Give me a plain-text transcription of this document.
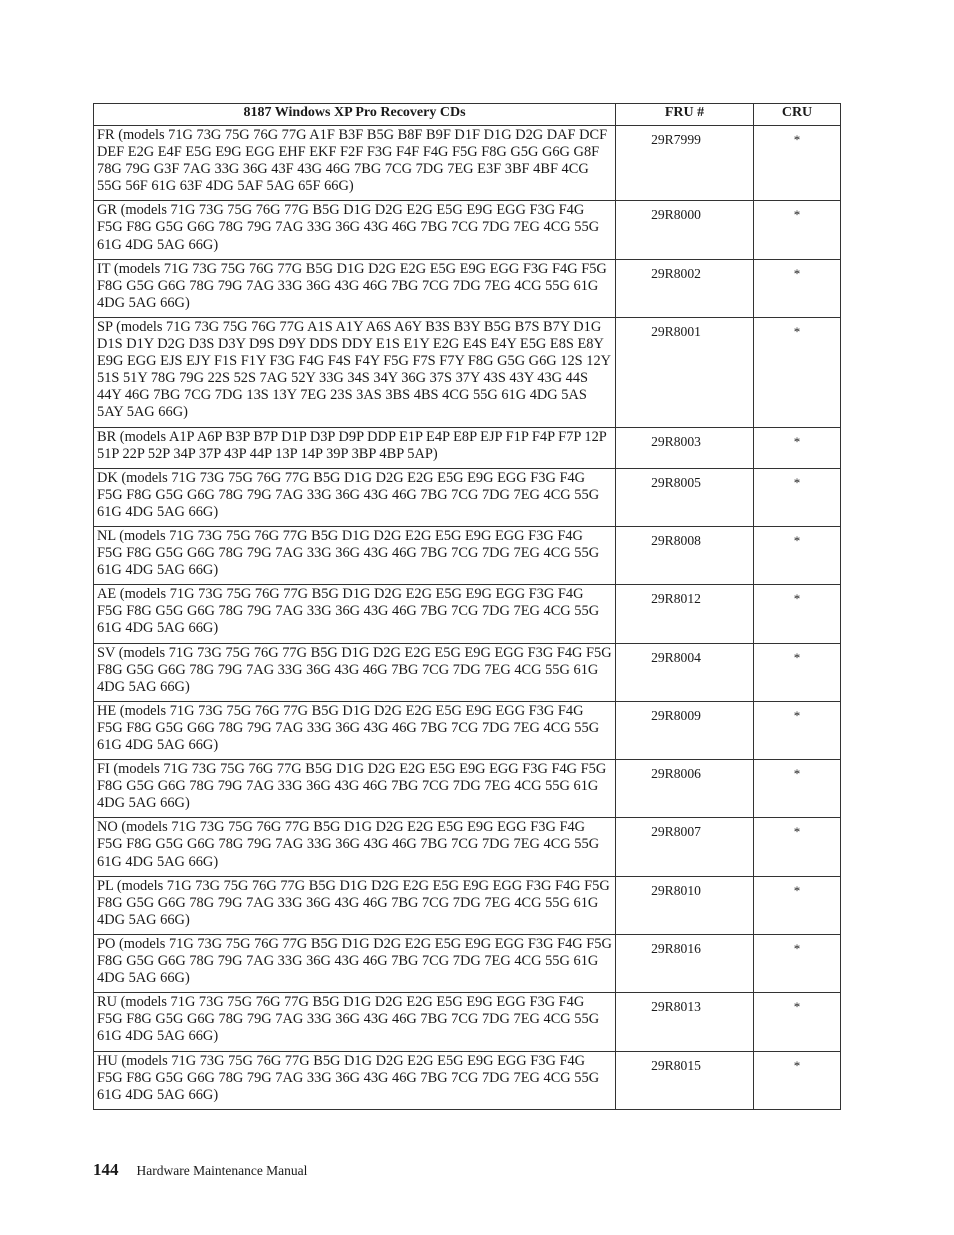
8187 Windows XP Pro Recovery CDs	FRU #	CRU
FR (models 71G 73G 75G 76G 77G A1F B3F B5G B8F B9F D1F D1G D2G DAF DCF DEF E2G E4F E5G E9G EGG EHF EKF F2F F3G F4F F4G F5G F8G G5G G6G G8F 78G 79G G3F 7AG 33G 36G 43F 43G 46G 7BG 7CG 7DG 7EG E3F 3BF 4BF 4CG 55G 56F 61G 63F 4DG 5AF 5AG 65F 66G)	29R7999	*
GR (models 71G 73G 75G 76G 77G B5G D1G D2G E2G E5G E9G EGG F3G F4G F5G F8G G5G G6G 78G 79G 7AG 33G 36G 43G 46G 7BG 7CG 7DG 7EG 4CG 55G 61G 4DG 5AG 66G)	29R8000	*
IT (models 71G 73G 75G 76G 77G B5G D1G D2G E2G E5G E9G EGG F3G F4G F5G F8G G5G G6G 78G 79G 7AG 33G 36G 43G 46G 7BG 7CG 7DG 7EG 4CG 55G 61G 4DG 5AG 66G)	29R8002	*
SP (models 71G 73G 75G 76G 77G A1S A1Y A6S A6Y B3S B3Y B5G B7S B7Y D1G D1S D1Y D2G D3S D3Y D9S D9Y DDS DDY E1S E1Y E2G E4S E4Y E5G E8S E8Y E9G EGG EJS EJY F1S F1Y F3G F4G F4S F4Y F5G F7S F7Y F8G G5G G6G 12S 12Y 51S 51Y 78G 79G 22S 52S 7AG 52Y 33G 34S 34Y 36G 37S 37Y 43S 43Y 43G 44S 44Y 46G 7BG 7CG 7DG 13S 13Y 7EG 23S 3AS 3BS 4BS 4CG 55G 61G 4DG 5AS 5AY 5AG 66G)	29R8001	*
BR (models A1P A6P B3P B7P D1P D3P D9P DDP E1P E4P E8P EJP F1P F4P F7P 12P 51P 22P 52P 34P 37P 43P 44P 13P 14P 39P 3BP 4BP 5AP)	29R8003	*
DK (models 71G 73G 75G 76G 77G B5G D1G D2G E2G E5G E9G EGG F3G F4G F5G F8G G5G G6G 78G 79G 7AG 33G 36G 43G 46G 7BG 7CG 7DG 7EG 4CG 55G 61G 4DG 5AG 66G)	29R8005	*
NL (models 71G 73G 75G 76G 77G B5G D1G D2G E2G E5G E9G EGG F3G F4G F5G F8G G5G G6G 78G 79G 7AG 33G 36G 43G 46G 7BG 7CG 7DG 7EG 4CG 55G 61G 4DG 5AG 66G)	29R8008	*
AE (models 71G 73G 75G 76G 77G B5G D1G D2G E2G E5G E9G EGG F3G F4G F5G F8G G5G G6G 78G 79G 7AG 33G 36G 43G 46G 7BG 7CG 7DG 7EG 4CG 55G 61G 4DG 5AG 66G)	29R8012	*
SV (models 71G 73G 75G 76G 77G B5G D1G D2G E2G E5G E9G EGG F3G F4G F5G F8G G5G G6G 78G 79G 7AG 33G 36G 43G 46G 7BG 7CG 7DG 7EG 4CG 55G 61G 4DG 5AG 66G)	29R8004	*
HE (models 71G 73G 75G 76G 77G B5G D1G D2G E2G E5G E9G EGG F3G F4G F5G F8G G5G G6G 78G 79G 7AG 33G 36G 43G 46G 7BG 7CG 7DG 7EG 4CG 55G 61G 4DG 5AG 66G)	29R8009	*
FI (models 71G 73G 75G 76G 77G B5G D1G D2G E2G E5G E9G EGG F3G F4G F5G F8G G5G G6G 78G 79G 7AG 33G 36G 43G 46G 7BG 7CG 7DG 7EG 4CG 55G 61G 4DG 5AG 66G)	29R8006	*
NO (models 71G 73G 75G 76G 77G B5G D1G D2G E2G E5G E9G EGG F3G F4G F5G F8G G5G G6G 78G 79G 7AG 33G 36G 43G 46G 7BG 7CG 7DG 7EG 4CG 55G 61G 4DG 5AG 66G)	29R8007	*
PL (models 71G 73G 75G 76G 77G B5G D1G D2G E2G E5G E9G EGG F3G F4G F5G F8G G5G G6G 78G 79G 7AG 33G 36G 43G 46G 7BG 7CG 7DG 7EG 4CG 55G 61G 4DG 5AG 66G)	29R8010	*
PO (models 71G 73G 75G 76G 77G B5G D1G D2G E2G E5G E9G EGG F3G F4G F5G F8G G5G G6G 78G 79G 7AG 33G 36G 43G 46G 7BG 7CG 7DG 7EG 4CG 55G 61G 4DG 5AG 66G)	29R8016	*
RU (models 71G 73G 75G 76G 77G B5G D1G D2G E2G E5G E9G EGG F3G F4G F5G F8G G5G G6G 78G 79G 7AG 33G 36G 43G 46G 7BG 7CG 7DG 7EG 4CG 55G 61G 4DG 5AG 66G)	29R8013	*
HU (models 71G 73G 75G 76G 77G B5G D1G D2G E2G E5G E9G EGG F3G F4G F5G F8G G5G G6G 78G 79G 7AG 33G 36G 43G 46G 7BG 7CG 7DG 7EG 4CG 55G 61G 4DG 5AG 66G)	29R8015	*
144 Hardware Maintenance Manual
